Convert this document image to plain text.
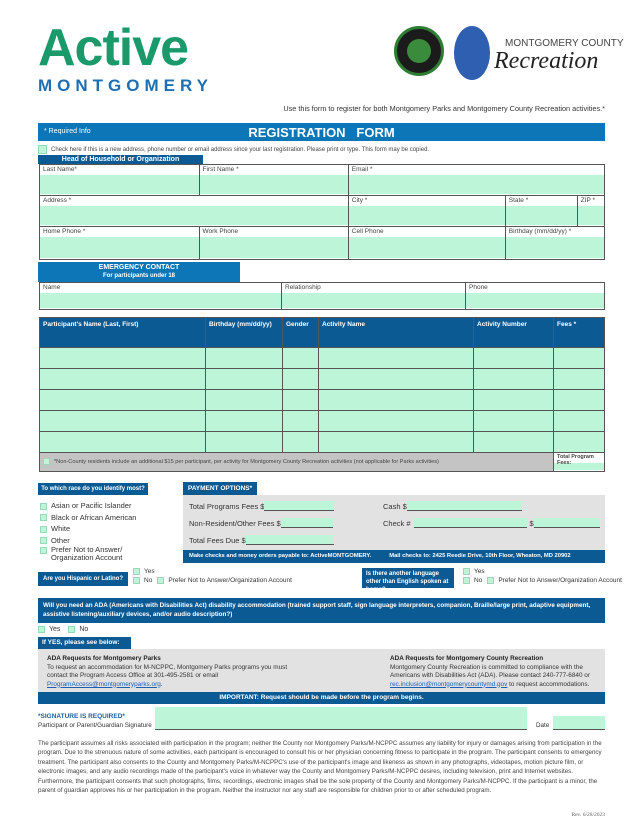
Active
MONTGOMERY
MONTGOMERY COUNTY
Recreation
Use this form to register for both Montgomery Parks and Montgomery County Recreation activities.*
* Required Info	REGISTRATION   FORM
Check here if this is a new address, phone number or email address since your last registration. Please print or type. This form may be copied.
Head of Household or Organization
Last Name*	First Name *	Email *		

Address *		City *	State *	ZIP *

Home Phone *	Work Phone	Cell Phone	Birthday (mm/dd/yy) *	
EMERGENCY CONTACT
For participants under 18
Name	Relationship	Phone
Participant's Name (Last, First)	Birthday (mm/dd/yy)	Gender	Activity Name	Activity Number	Fees *

*Non-County residents include an additional $15 per participant, per activity for Montgomery County Recreation activities (not applicable for Parks activities)					Total Program Fees:
To which race do you identify most?
Asian or Pacific Islander
Black or African American
White
Other
Prefer Not to Answer/ Organization Account
PAYMENT OPTIONS*
Total Programs Fees $
Non-Resident/Other Fees $
Total Fees Due $
Cash $
Check #	$
Make checks and money orders payable to: ActiveMONTGOMERY.	Mail checks to: 2425 Reedie Drive, 10th Floor, Wheaton, MD 20902
Are you Hispanic or Latino?
Yes
No Prefer Not to Answer/Organization Account
Is there another language other than English spoken at home?
Yes
No Prefer Not to Answer/Organization Account
Will you need an ADA (Americans with Disabilities Act) disability accommodation (trained support staff, sign language interpreters, companion, Braille/large print, adaptive equipment, assistive listening/auxiliary devices, and/or audio description?)
Yes	No
If YES, please see below:
ADA Requests for Montgomery Parks
To request an accommodation for M-NCPPC, Montgomery Parks programs you must contact the Program Access Office at 301-495-2581 or email
ProgramAccess@montgomeryparks.org.
ADA Requests for Montgomery County Recreation
Montgomery County Recreation is committed to compliance with the Americans with Disabilities Act (ADA). Please contact 240-777-6840 or rec.inclusion@montgomerycountymd.gov to request accommodations.
IMPORTANT: Request should be made before the program begins.
*SIGNATURE IS REQUIRED*
Participant or Parent/Guardian Signature	Date
The participant assumes all risks associated with participation in the program; neither the County nor Montgomery Parks/M-NCPPC assumes any liability for injury or damages arising from participation in the program. Due to the strenuous nature of some activities, each participant is encouraged to consult his or her physician concerning fitness to participate in the program. The participant consents to emergency treatment. The participant also consents to the County and Montgomery Parks/M-NCPPC's use of the participant's image and likeness as shown in any photographs, videotapes, motion picture film, or electronic images, and any audio recordings made of the participant's voice in whatever way the County and Montgomery Parks/M-NCPPC desires, including television, print and Internet websites. Furthermore, the participant consents that such photographs, films, recordings, electronic images shall be the sole property of the County and Montgomery Parks/M-NCPPC. If the participant is a minor, the parent of guardian approves his or her participation in the program. Neither the instructor nor any staff are responsible for children prior to or after scheduled program.
Rev. 6/28/2023
